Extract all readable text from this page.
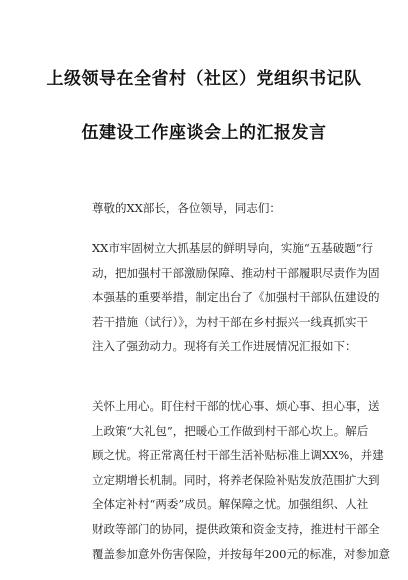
上级领导在全省村（社区）党组织书记队
伍建设工作座谈会上的汇报发言
尊敬的XX部长，各位领导，同志们：

XX市牢固树立大抓基层的鲜明导向，实施“五基破题”行

动，把加强村干部激励保障、推动村干部履职尽责作为固

本强基的重要举措，制定出台了《加强村干部队伍建设的

若干措施（试行）》，为村干部在乡村振兴一线真抓实干

注入了强劲动力。现将有关工作进展情况汇报如下：

关怀上用心。盯住村干部的忧心事、烦心事、担心事，送

上政策“大礼包”，把暖心工作做到村干部心坎上。解后

顾之忧。将正常离任村干部生活补贴标准上调XX%，并建

立定期增长机制。同时，将养老保险补贴发放范围扩大到

全体定补村“两委”成员。解保障之忧。加强组织、人社

财政等部门的协同，提供政策和资金支持，推进村干部全

覆盖参加意外伤害保险，并按每年200元的标准，对参加意
